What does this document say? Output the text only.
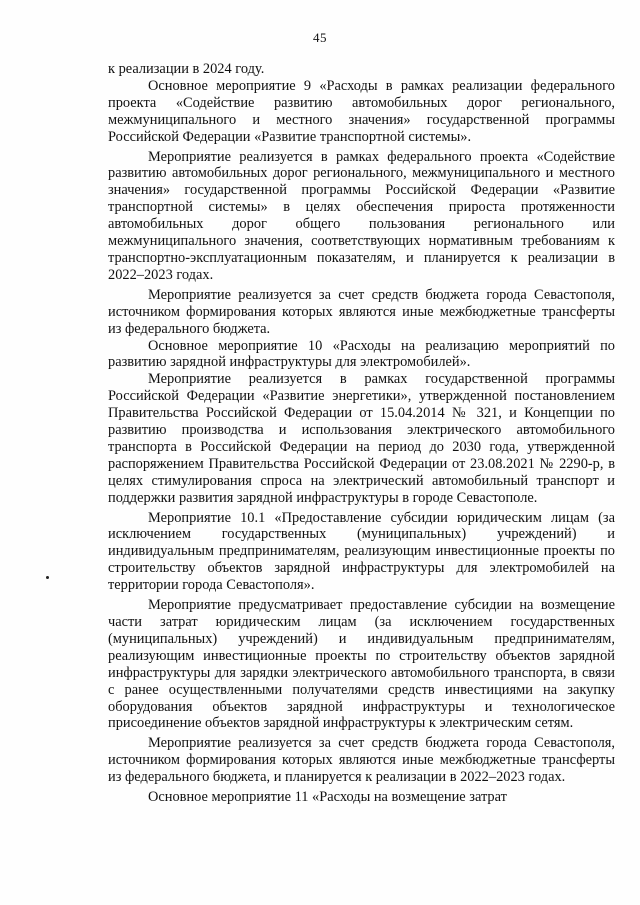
45

к реализации в 2024 году.

Основное мероприятие 9 «Расходы в рамках реализации федерального проекта «Содействие развитию автомобильных дорог регионального, межмуниципального и местного значения» государственной программы Российской Федерации «Развитие транспортной системы».

Мероприятие реализуется в рамках федерального проекта «Содействие развитию автомобильных дорог регионального, межмуниципального и местного значения» государственной программы Российской Федерации «Развитие транспортной системы» в целях обеспечения прироста протяженности автомобильных дорог общего пользования регионального или межмуниципального значения, соответствующих нормативным требованиям к транспортно-эксплуатационным показателям, и планируется к реализации в 2022–2023 годах.

Мероприятие реализуется за счет средств бюджета города Севастополя, источником формирования которых являются иные межбюджетные трансферты из федерального бюджета.

Основное мероприятие 10 «Расходы на реализацию мероприятий по развитию зарядной инфраструктуры для электромобилей».

Мероприятие реализуется в рамках государственной программы Российской Федерации «Развитие энергетики», утвержденной постановлением Правительства Российской Федерации от 15.04.2014 № 321, и Концепции по развитию производства и использования электрического автомобильного транспорта в Российской Федерации на период до 2030 года, утвержденной распоряжением Правительства Российской Федерации от 23.08.2021 № 2290-р, в целях стимулирования спроса на электрический автомобильный транспорт и поддержки развития зарядной инфраструктуры в городе Севастополе.

Мероприятие 10.1 «Предоставление субсидии юридическим лицам (за исключением государственных (муниципальных) учреждений) и индивидуальным предпринимателям, реализующим инвестиционные проекты по строительству объектов зарядной инфраструктуры для электромобилей на территории города Севастополя».

Мероприятие предусматривает предоставление субсидии на возмещение части затрат юридическим лицам (за исключением государственных (муниципальных) учреждений) и индивидуальным предпринимателям, реализующим инвестиционные проекты по строительству объектов зарядной инфраструктуры для зарядки электрического автомобильного транспорта, в связи с ранее осуществленными получателями средств инвестициями на закупку оборудования объектов зарядной инфраструктуры и технологическое присоединение объектов зарядной инфраструктуры к электрическим сетям.

Мероприятие реализуется за счет средств бюджета города Севастополя, источником формирования которых являются иные межбюджетные трансферты из федерального бюджета, и планируется к реализации в 2022–2023 годах.

Основное мероприятие 11 «Расходы на возмещение затрат
